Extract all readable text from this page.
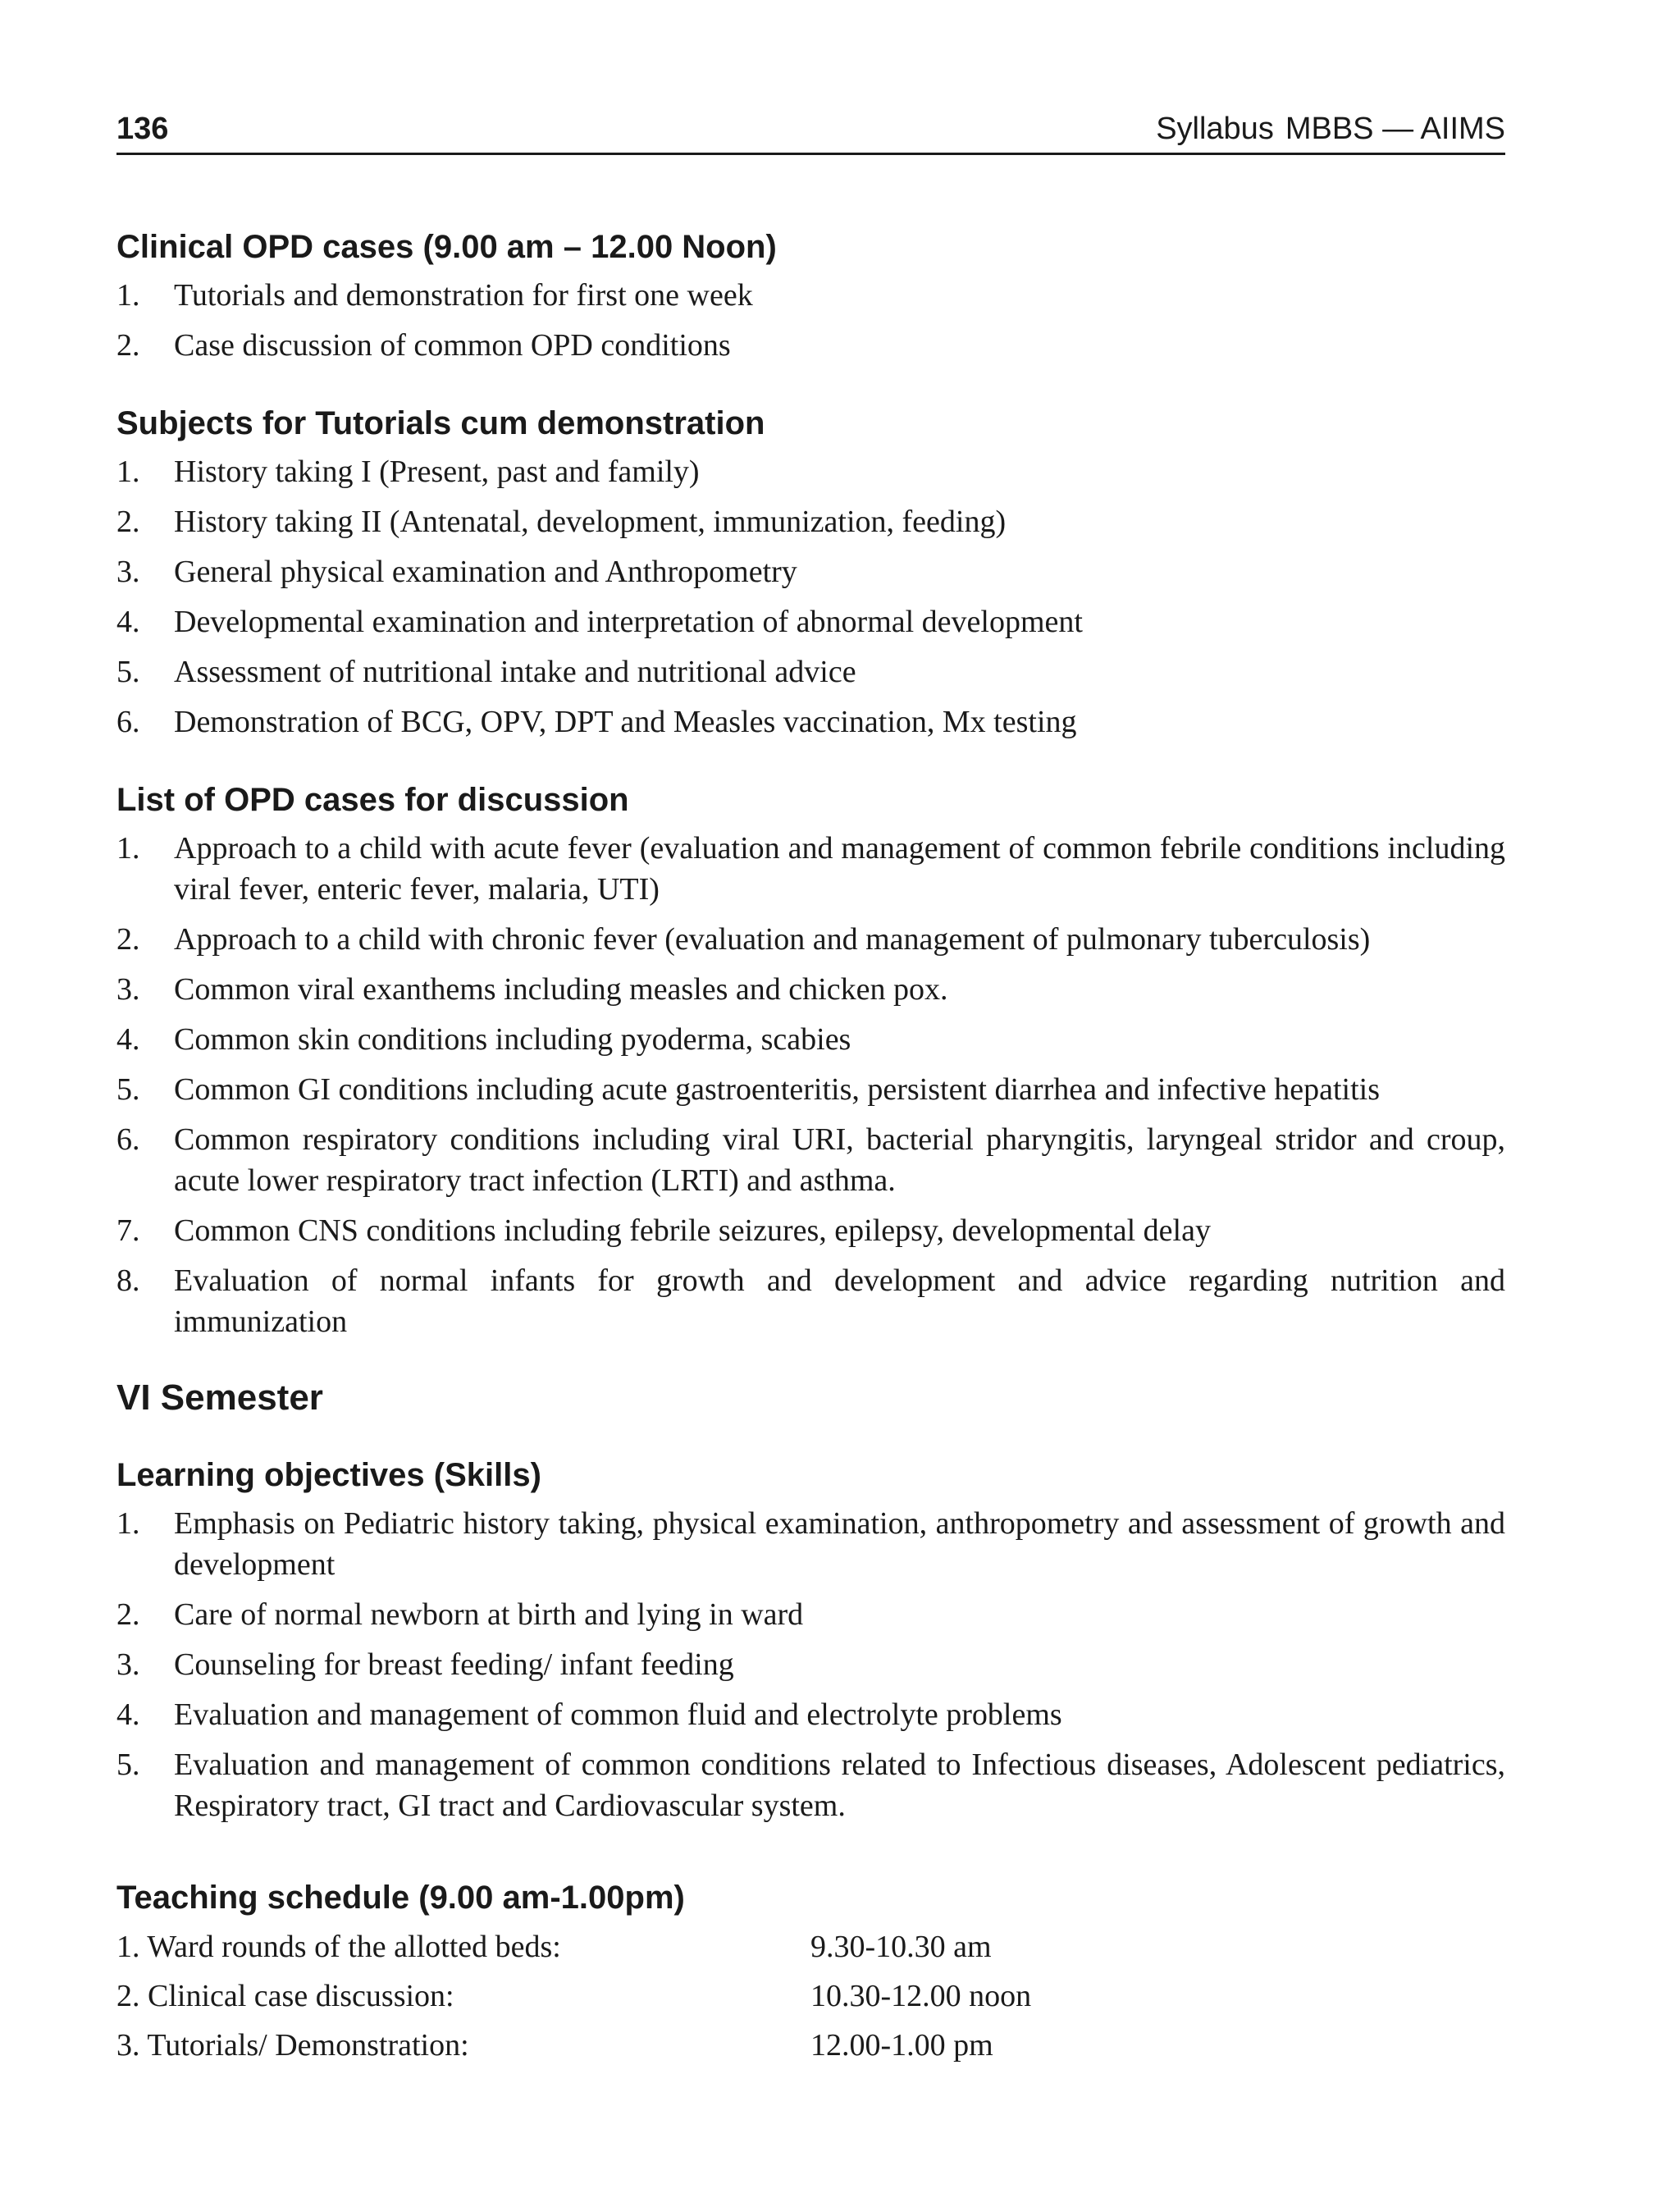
136	Syllabus MBBS — AIIMS
Clinical OPD cases (9.00 am – 12.00 Noon)
1. Tutorials and demonstration for first one week
2. Case discussion of common OPD conditions
Subjects for Tutorials cum demonstration
1. History taking I (Present, past and family)
2. History taking II (Antenatal, development, immunization, feeding)
3. General physical examination and Anthropometry
4. Developmental examination and interpretation of abnormal development
5. Assessment of nutritional intake and nutritional advice
6. Demonstration of BCG, OPV, DPT and Measles vaccination, Mx testing
List of OPD cases for discussion
1. Approach to a child with acute fever (evaluation and management of common febrile conditions including viral fever, enteric fever, malaria, UTI)
2. Approach to a child with chronic fever (evaluation and management of pulmonary tuberculosis)
3. Common viral exanthems including measles and chicken pox.
4. Common skin conditions including pyoderma, scabies
5. Common GI conditions including acute gastroenteritis, persistent diarrhea and infective hepatitis
6. Common respiratory conditions including viral URI, bacterial pharyngitis, laryngeal stridor and croup, acute lower respiratory tract infection (LRTI) and asthma.
7. Common CNS conditions including febrile seizures, epilepsy, developmental delay
8. Evaluation of normal infants for growth and development and advice regarding nutrition and immunization
VI Semester
Learning objectives (Skills)
1. Emphasis on Pediatric history taking, physical examination, anthropometry and assessment of growth and development
2. Care of normal newborn at birth and lying in ward
3. Counseling for breast feeding/ infant feeding
4. Evaluation and management of common fluid and electrolyte problems
5. Evaluation and management of common conditions related to Infectious diseases, Adolescent pediatrics, Respiratory tract, GI tract and Cardiovascular system.
Teaching schedule (9.00 am-1.00pm)
1. Ward rounds of the allotted beds:	9.30-10.30 am
2. Clinical case discussion:	10.30-12.00 noon
3. Tutorials/ Demonstration:	12.00-1.00 pm
